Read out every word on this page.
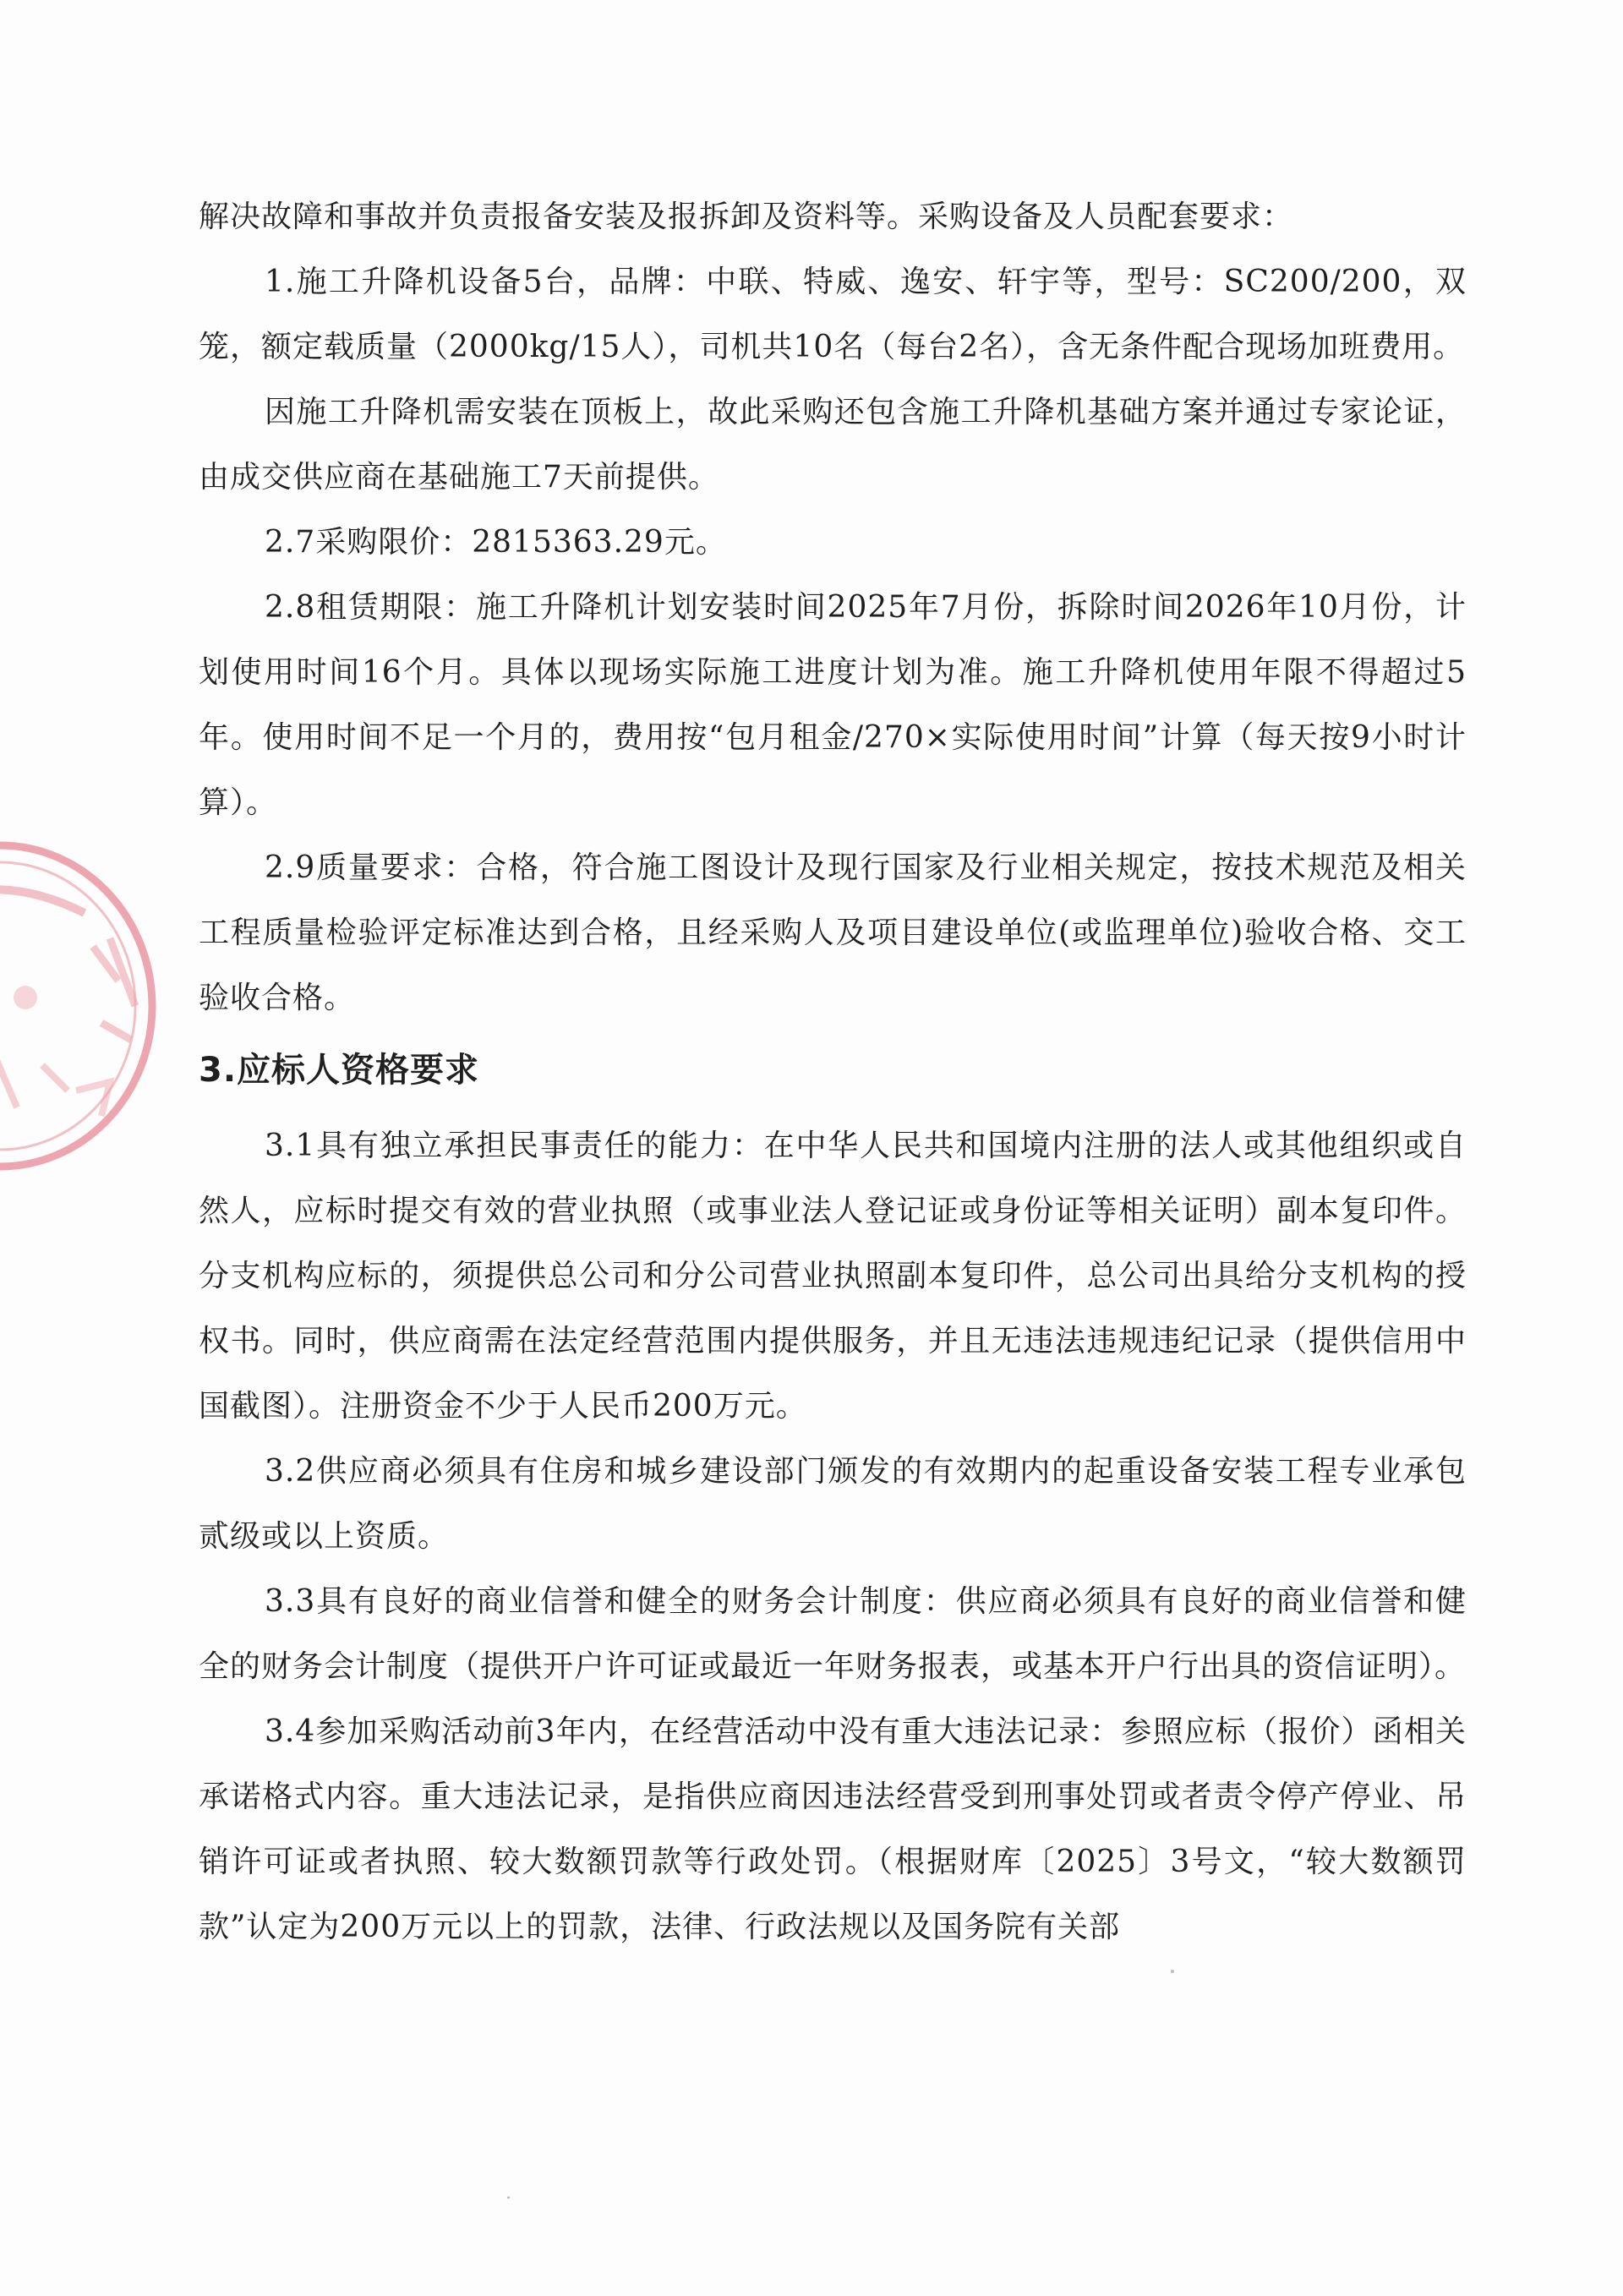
解决故障和事故并负责报备安装及报拆卸及资料等。采购设备及人员配套要求：

1.施工升降机设备5台，品牌：中联、特威、逸安、轩宇等，型号：SC200/200，双笼，额定载质量（2000kg/15人），司机共10名（每台2名），含无条件配合现场加班费用。

因施工升降机需安装在顶板上，故此采购还包含施工升降机基础方案并通过专家论证，由成交供应商在基础施工7天前提供。

2.7采购限价：2815363.29元。

2.8租赁期限：施工升降机计划安装时间2025年7月份，拆除时间2026年10月份，计划使用时间16个月。具体以现场实际施工进度计划为准。施工升降机使用年限不得超过5年。使用时间不足一个月的，费用按“包月租金/270×实际使用时间”计算（每天按9小时计算）。

2.9质量要求：合格，符合施工图设计及现行国家及行业相关规定，按技术规范及相关工程质量检验评定标准达到合格，且经采购人及项目建设单位(或监理单位)验收合格、交工验收合格。

3.应标人资格要求

3.1具有独立承担民事责任的能力：在中华人民共和国境内注册的法人或其他组织或自然人，应标时提交有效的营业执照（或事业法人登记证或身份证等相关证明）副本复印件。分支机构应标的，须提供总公司和分公司营业执照副本复印件，总公司出具给分支机构的授权书。同时，供应商需在法定经营范围内提供服务，并且无违法违规违纪记录（提供信用中国截图）。注册资金不少于人民币200万元。

3.2供应商必须具有住房和城乡建设部门颁发的有效期内的起重设备安装工程专业承包贰级或以上资质。

3.3具有良好的商业信誉和健全的财务会计制度：供应商必须具有良好的商业信誉和健全的财务会计制度（提供开户许可证或最近一年财务报表，或基本开户行出具的资信证明）。

3.4参加采购活动前3年内，在经营活动中没有重大违法记录：参照应标（报价）函相关承诺格式内容。重大违法记录，是指供应商因违法经营受到刑事处罚或者责令停产停业、吊销许可证或者执照、较大数额罚款等行政处罚。（根据财库〔2025〕3号文，“较大数额罚款”认定为200万元以上的罚款，法律、行政法规以及国务院有关部
